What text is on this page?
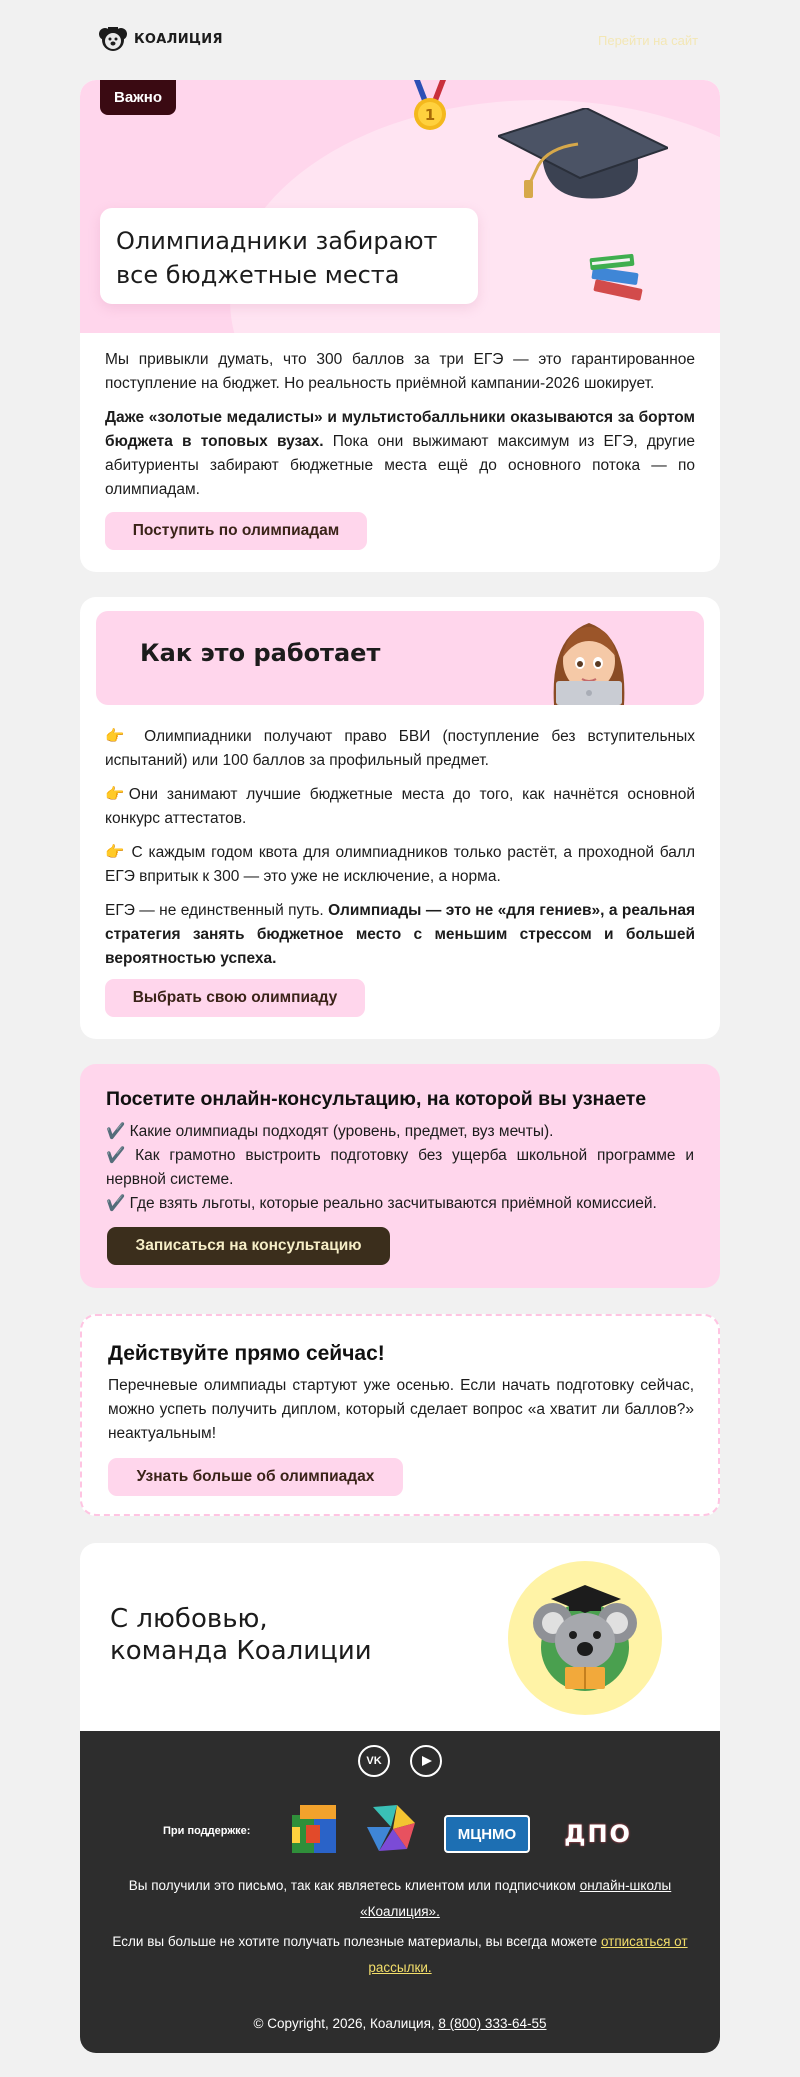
КОАЛИЦИЯ	Перейти на сайт
Важно
1
Олимпиадники забирают все бюджетные места

Мы привыкли думать, что 300 баллов за три ЕГЭ — это гарантированное поступление на бюджет. Но реальность приёмной кампании-2026 шокирует.

Даже «золотые медалисты» и мультистобалльники оказываются за бортом бюджета в топовых вузах. Пока они выжимают максимум из ЕГЭ, другие абитуриенты забирают бюджетные места ещё до основного потока — по олимпиадам.

Поступить по олимпиадам
Как это работает

👉 Олимпиадники получают право БВИ (поступление без вступительных испытаний) или 100 баллов за профильный предмет.

👉Они занимают лучшие бюджетные места до того, как начнётся основной конкурс аттестатов.

👉 С каждым годом квота для олимпиадников только растёт, а проходной балл ЕГЭ впритык к 300 — это уже не исключение, а норма.

ЕГЭ — не единственный путь. Олимпиады — это не «для гениев», а реальная стратегия занять бюджетное место с меньшим стрессом и большей вероятностью успеха.

Выбрать свою олимпиаду
Посетите онлайн-консультацию, на которой вы узнаете

✔️ Какие олимпиады подходят (уровень, предмет, вуз мечты).

✔️ Как грамотно выстроить подготовку без ущерба школьной программе и нервной системе.

✔️ Где взять льготы, которые реально засчитываются приёмной комиссией.

Записаться на консультацию
Действуйте прямо сейчас!

Перечневые олимпиады стартуют уже осенью. Если начать подготовку сейчас, можно успеть получить диплом, который сделает вопрос «а хватит ли баллов?» неактуальным!

Узнать больше об олимпиадах
С любовью,
команда Коалиции
VK
При поддержке:	МЦНМО	ДПО

Вы получили это письмо, так как являетесь клиентом или подписчиком онлайн-школы «Коалиция».

Если вы больше не хотите получать полезные материалы, вы всегда можете отписаться от рассылки.

© Copyright, 2026, Коалиция, 8 (800) 333-64-55
